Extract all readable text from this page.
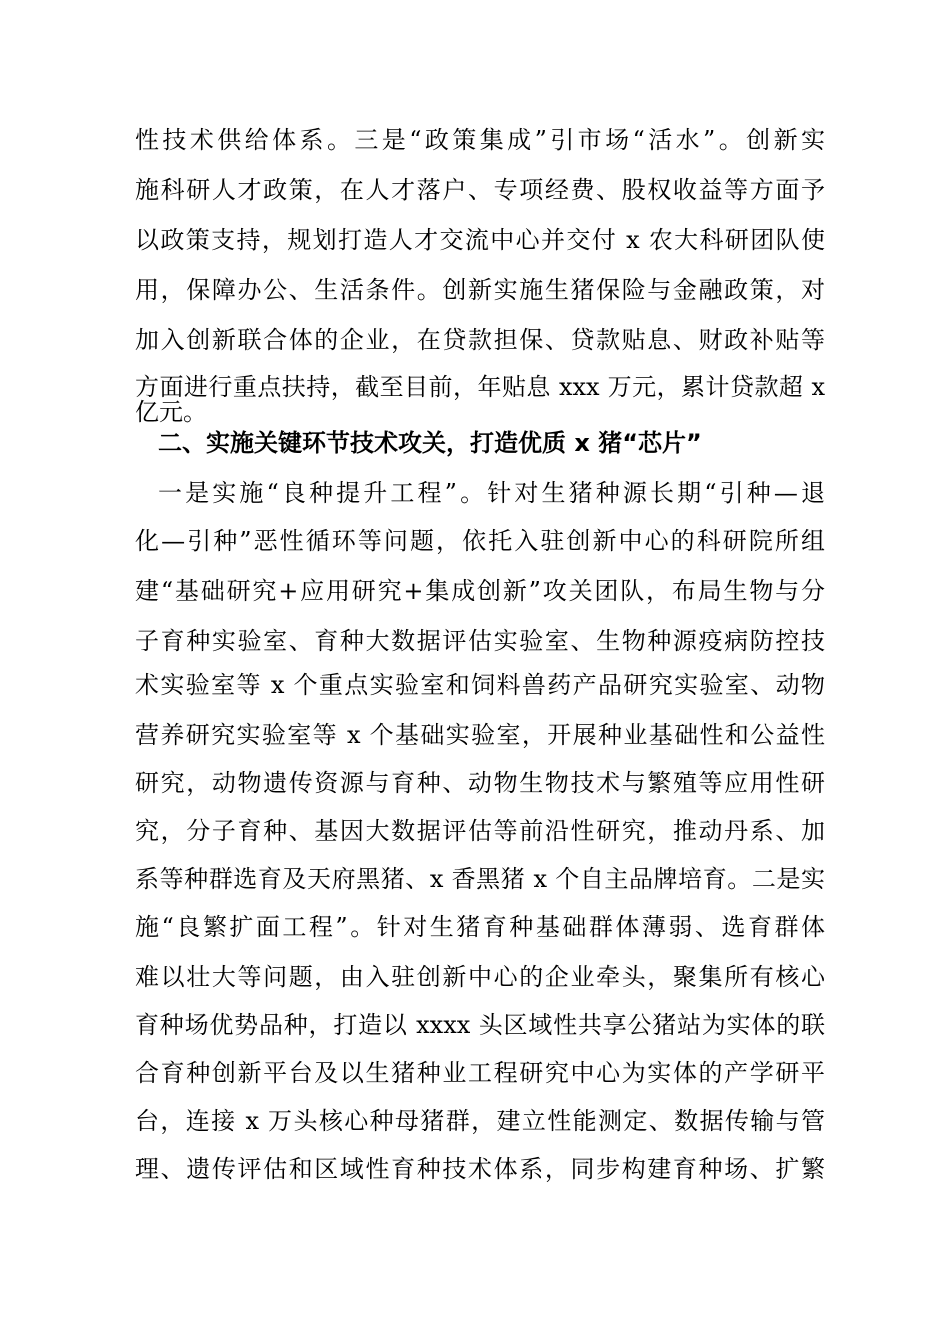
性技术供给体系。三是“政策集成”引市场“活水”。创新实
施科研人才政策，在人才落户、专项经费、股权收益等方面予
以政策支持，规划打造人才交流中心并交付 x 农大科研团队使
用，保障办公、生活条件。创新实施生猪保险与金融政策，对
加入创新联合体的企业，在贷款担保、贷款贴息、财政补贴等
方面进行重点扶持，截至目前，年贴息 xxx 万元，累计贷款超 x
亿元。
二、实施关键环节技术攻关，打造优质 x 猪“芯片”
一是实施“良种提升工程”。针对生猪种源长期“引种—退
化—引种”恶性循环等问题，依托入驻创新中心的科研院所组
建“基础研究+应用研究+集成创新”攻关团队，布局生物与分
子育种实验室、育种大数据评估实验室、生物种源疫病防控技
术实验室等 x 个重点实验室和饲料兽药产品研究实验室、动物
营养研究实验室等 x 个基础实验室，开展种业基础性和公益性
研究，动物遗传资源与育种、动物生物技术与繁殖等应用性研
究，分子育种、基因大数据评估等前沿性研究，推动丹系、加
系等种群选育及天府黑猪、x 香黑猪 x 个自主品牌培育。二是实
施“良繁扩面工程”。针对生猪育种基础群体薄弱、选育群体
难以壮大等问题，由入驻创新中心的企业牵头，聚集所有核心
育种场优势品种，打造以 xxxx 头区域性共享公猪站为实体的联
合育种创新平台及以生猪种业工程研究中心为实体的产学研平
台，连接 x 万头核心种母猪群，建立性能测定、数据传输与管
理、遗传评估和区域性育种技术体系，同步构建育种场、扩繁
